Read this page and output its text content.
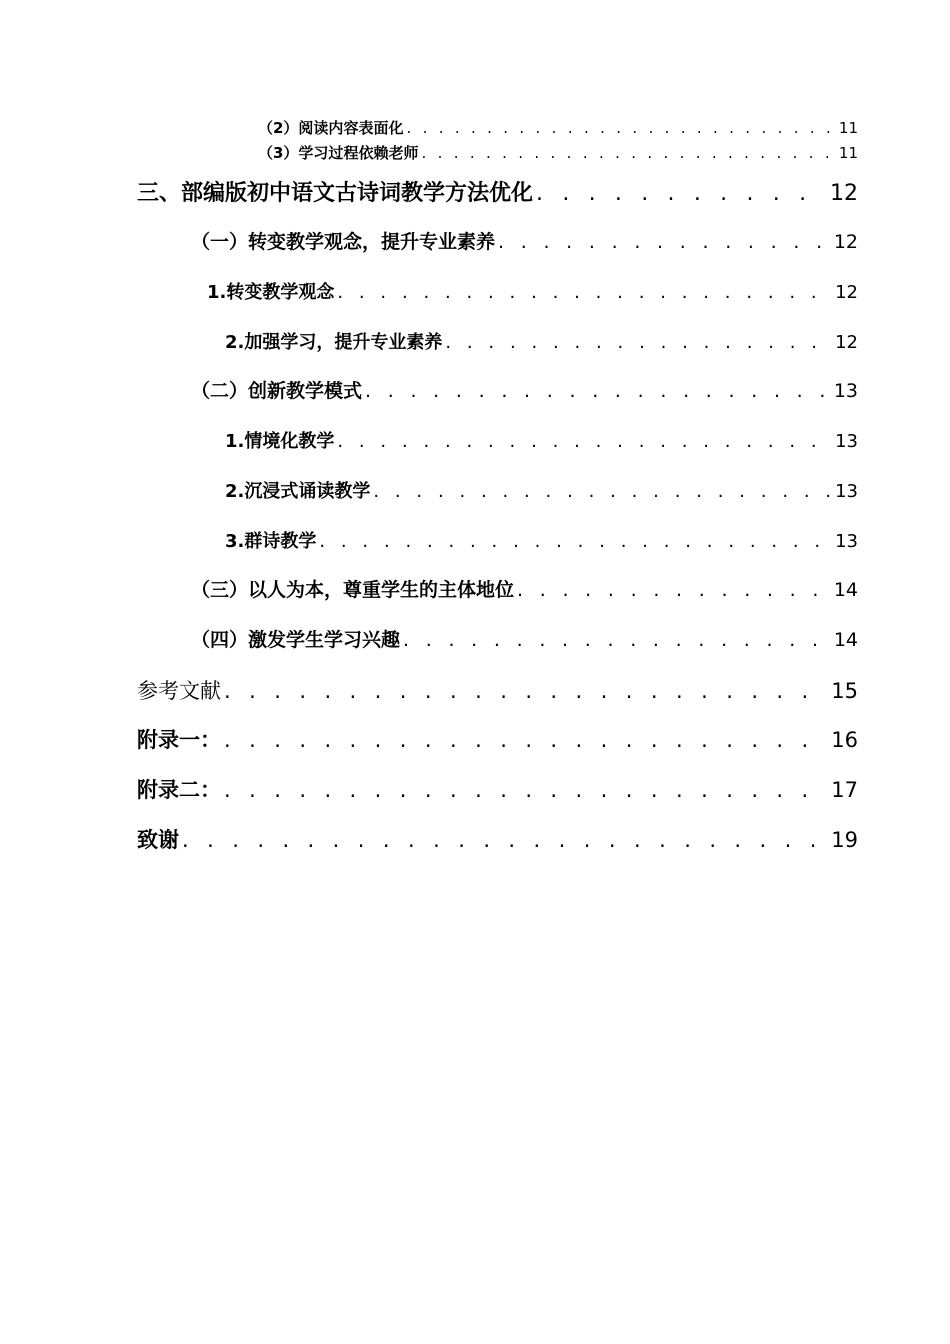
（2）阅读内容表面化 . . .	11
（3）学习过程依赖老师 . . .	11
三、部编版初中语文古诗词教学方法优化 . . .	12
（一）转变教学观念，提升专业素养 . . .	12
1.转变教学观念 . . .	12
2.加强学习，提升专业素养 . . .	12
（二）创新教学模式 . . .	13
1.情境化教学 . . .	13
2.沉浸式诵读教学 . . .	13
3.群诗教学 . . .	13
（三）以人为本，尊重学生的主体地位 . . .	14
（四）激发学生学习兴趣 . . .	14
参考文献 . . .	15
附录一： . . .	16
附录二： . . .	17
致谢 . . .	19
